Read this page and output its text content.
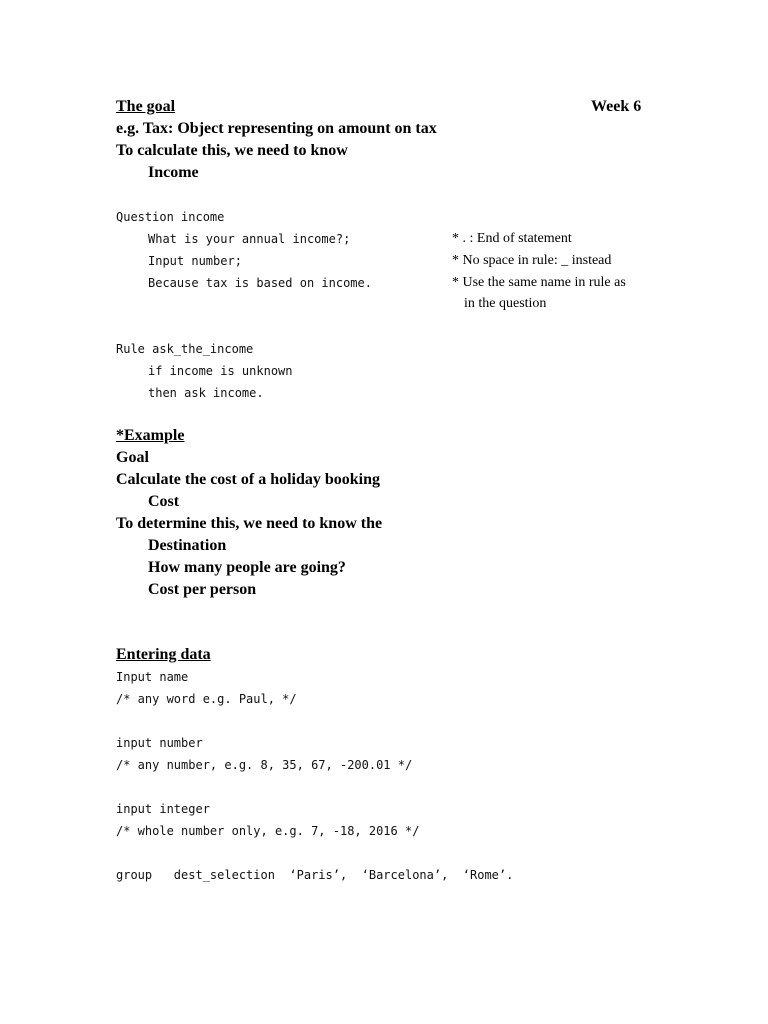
The goal	Week 6
e.g. Tax: Object representing on amount on tax
To calculate this, we need to know
Income
Question income
What is your annual income?;
Input number;
Because tax is based on income.
* . : End of statement
* No space in rule: _ instead
* Use the same name in rule as
in the question
Rule ask_the_income
if income is unknown
then ask income.
*Example
Goal
Calculate the cost of a holiday booking
Cost
To determine this, we need to know the
Destination
How many people are going?
Cost per person
Entering data
Input name
/* any word e.g. Paul, */
input number
/* any number, e.g. 8, 35, 67, -200.01 */
input integer
/* whole number only, e.g. 7, -18, 2016 */
group   dest_selection  ‘Paris’,  ‘Barcelona’,  ‘Rome’.
